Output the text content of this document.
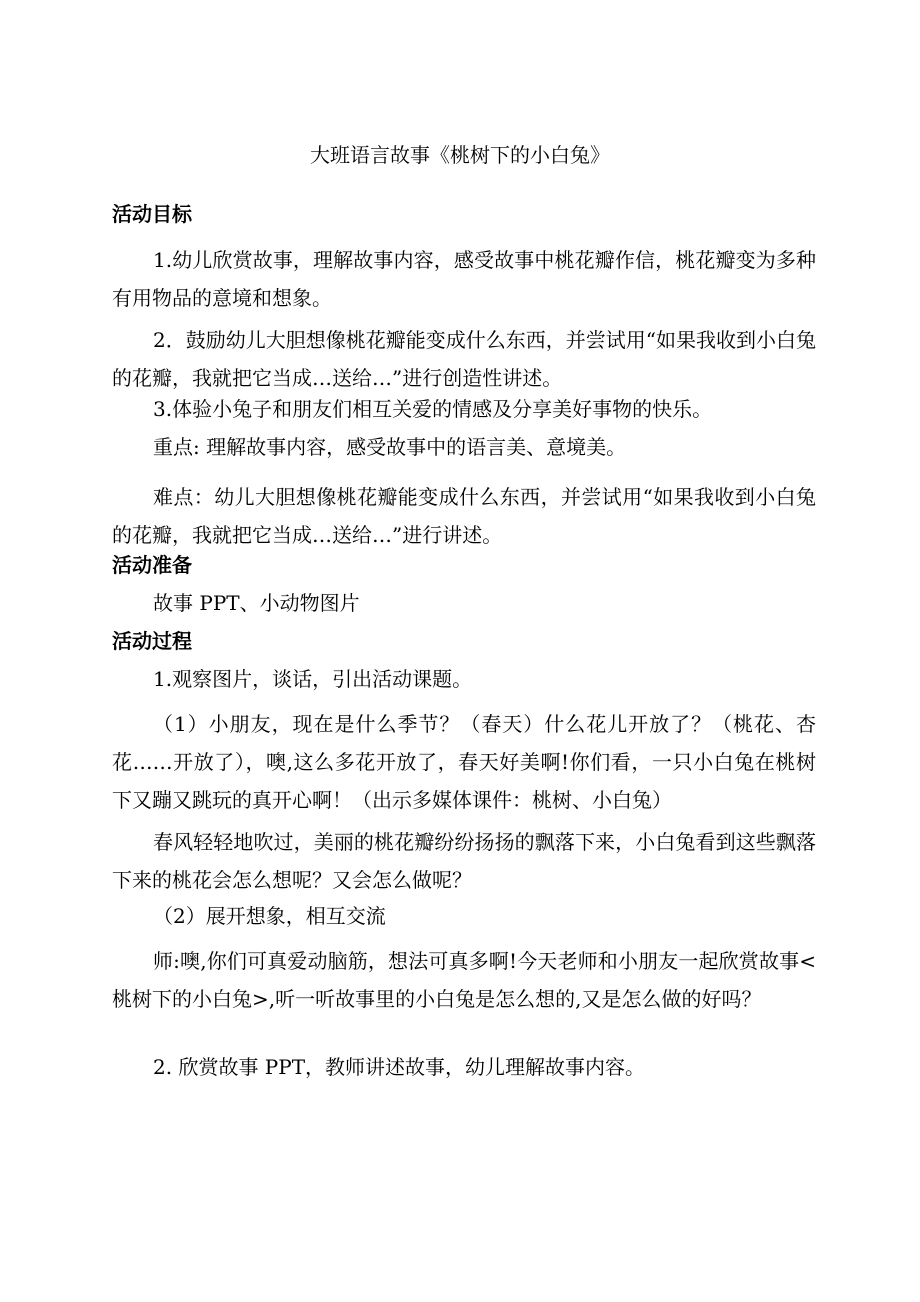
大班语言故事《桃树下的小白兔》

活动目标

1.幼儿欣赏故事，理解故事内容，感受故事中桃花瓣作信，桃花瓣变为多种有用物品的意境和想象。

2．鼓励幼儿大胆想像桃花瓣能变成什么东西，并尝试用“如果我收到小白兔的花瓣，我就把它当成…送给…”进行创造性讲述。

3.体验小兔子和朋友们相互关爱的情感及分享美好事物的快乐。

重点: 理解故事内容，感受故事中的语言美、意境美。

难点：幼儿大胆想像桃花瓣能变成什么东西，并尝试用“如果我收到小白兔的花瓣，我就把它当成…送给…”进行讲述。

活动准备

故事 PPT、小动物图片

活动过程

1.观察图片，谈话，引出活动课题。

（1）小朋友，现在是什么季节？（春天）什么花儿开放了？（桃花、杏花……开放了），噢,这么多花开放了，春天好美啊!你们看，一只小白兔在桃树下又蹦又跳玩的真开心啊！（出示多媒体课件：桃树、小白兔）

春风轻轻地吹过，美丽的桃花瓣纷纷扬扬的飘落下来，小白兔看到这些飘落下来的桃花会怎么想呢？又会怎么做呢？

（2）展开想象，相互交流

师:噢,你们可真爱动脑筋，想法可真多啊!今天老师和小朋友一起欣赏故事<桃树下的小白兔>,听一听故事里的小白兔是怎么想的,又是怎么做的好吗？

2. 欣赏故事 PPT，教师讲述故事，幼儿理解故事内容。
